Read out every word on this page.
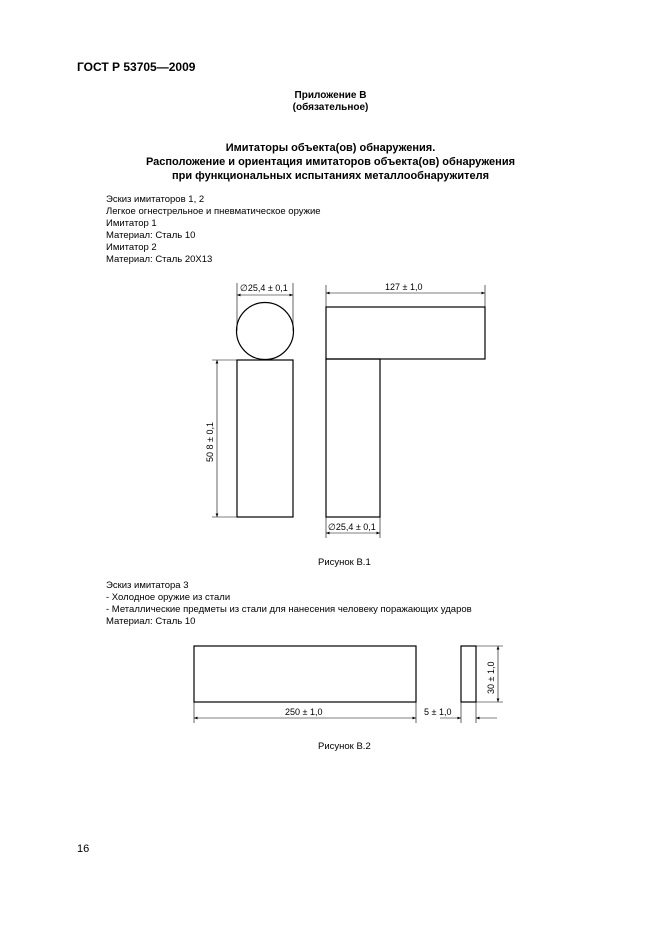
ГОСТ Р 53705—2009
Приложение В
(обязательное)
Имитаторы объекта(ов) обнаружения.
Расположение и ориентация имитаторов объекта(ов) обнаружения
при функциональных испытаниях металлообнаружителя
Эскиз имитаторов 1, 2
Легкое огнестрельное и пневматическое оружие
Имитатор 1
Материал: Сталь 10
Имитатор 2
Материал: Сталь 20Х13
∅25,4 ± 0,1
50 8 ± 0,1
127 ± 1,0
∅25,4 ± 0,1
Рисунок В.1
Эскиз имитатора 3
- Холодное оружие из стали
- Металлические предметы из стали для нанесения человеку поражающих ударов
Материал: Сталь 10
250 ± 1,0	5 ± 1,0
30 ± 1,0
Рисунок В.2
16
